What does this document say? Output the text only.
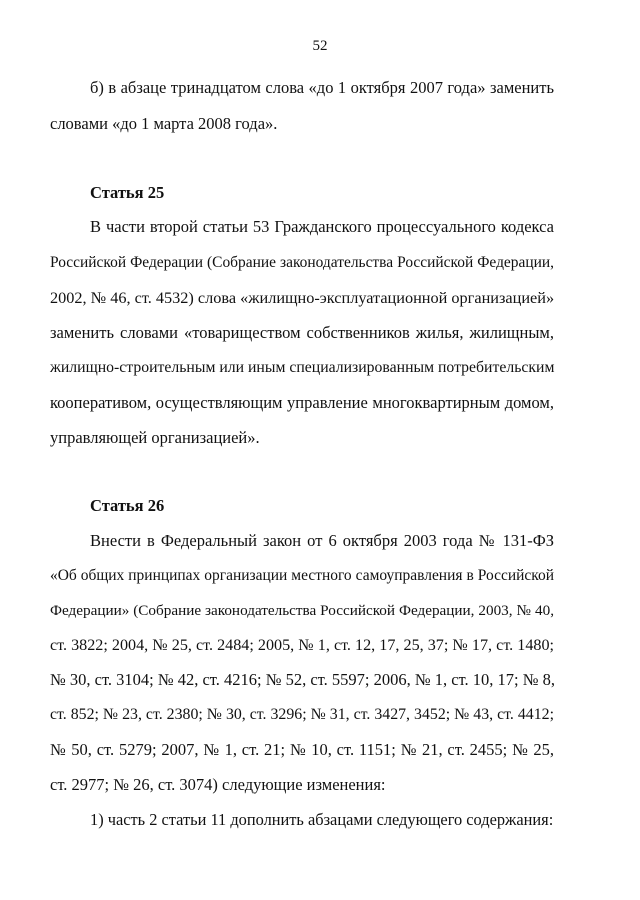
52
б) в абзаце тринадцатом слова «до 1 октября 2007 года» заменить
словами «до 1 марта 2008 года».
Статья 25
В части второй статьи 53 Гражданского процессуального кодекса
Российской Федерации (Собрание законодательства Российской Федерации,
2002, № 46, ст. 4532) слова «жилищно-эксплуатационной организацией»
заменить словами «товариществом собственников жилья, жилищным,
жилищно-строительным или иным специализированным потребительским
кооперативом, осуществляющим управление многоквартирным домом,
управляющей организацией».
Статья 26
Внести в Федеральный закон от 6 октября 2003 года № 131-ФЗ
«Об общих принципах организации местного самоуправления в Российской
Федерации» (Собрание законодательства Российской Федерации, 2003, № 40,
ст. 3822; 2004, № 25, ст. 2484; 2005, № 1, ст. 12, 17, 25, 37; № 17, ст. 1480;
№ 30, ст. 3104; № 42, ст. 4216; № 52, ст. 5597; 2006, № 1, ст. 10, 17; № 8,
ст. 852; № 23, ст. 2380; № 30, ст. 3296; № 31, ст. 3427, 3452; № 43, ст. 4412;
№ 50, ст. 5279; 2007, № 1, ст. 21; № 10, ст. 1151; № 21, ст. 2455; № 25,
ст. 2977; № 26, ст. 3074) следующие изменения:
1) часть 2 статьи 11 дополнить абзацами следующего содержания:
